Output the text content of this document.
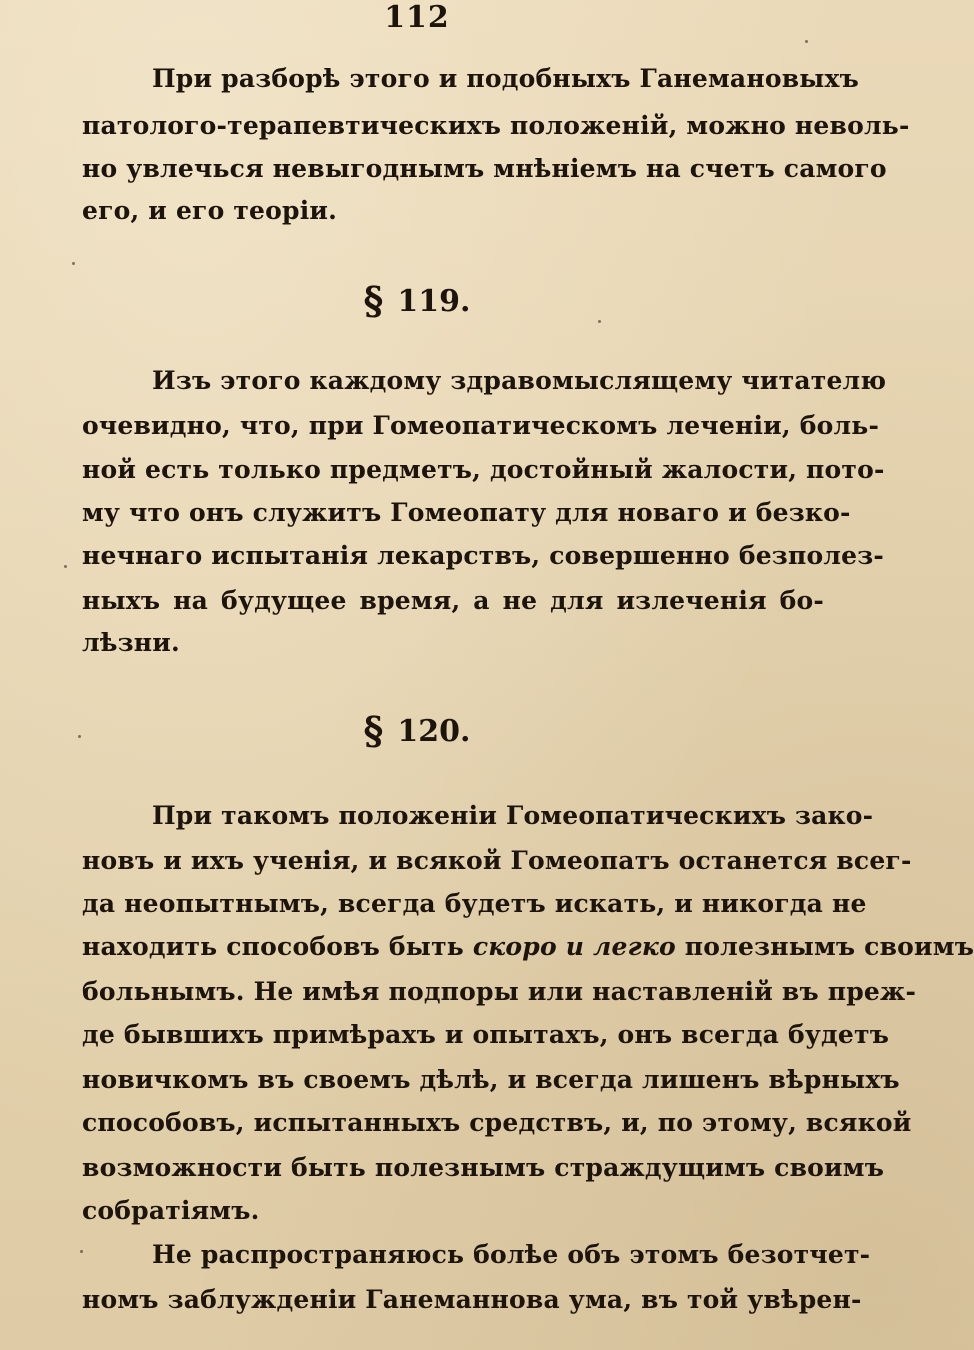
112
При разборѣ этого и подобныхъ Ганемановыхъ
патолого-терапевтическихъ положеній, можно неволь-
но увлечься невыгоднымъ мнѣніемъ на счетъ самого
его, и его теоріи.
§ 119.
Изъ этого каждому здравомыслящему читателю
очевидно, что, при Гомеопатическомъ леченіи, боль-
ной есть только предметъ, достойный жалости, пото-
му что онъ служитъ Гомеопату для новаго и безко-
нечнаго испытанія лекарствъ, совершенно безполез-
ныхъ на будущее время, а не для излеченія бо-
лѣзни.
§ 120.
При такомъ положеніи Гомеопатическихъ зако-
новъ и ихъ ученія, и всякой Гомеопатъ останется всег-
да неопытнымъ, всегда будетъ искать, и никогда не
находить способовъ быть скоро и легко полезнымъ своимъ
больнымъ. Не имѣя подпоры или наставленій въ преж-
де бывшихъ примѣрахъ и опытахъ, онъ всегда будетъ
новичкомъ въ своемъ дѣлѣ, и всегда лишенъ вѣрныхъ
способовъ, испытанныхъ средствъ, и, по этому, всякой
возможности быть полезнымъ страждущимъ своимъ
собратіямъ.
Не распространяюсь болѣе объ этомъ безотчет-
номъ заблужденіи Ганеманнова ума, въ той увѣрен-
